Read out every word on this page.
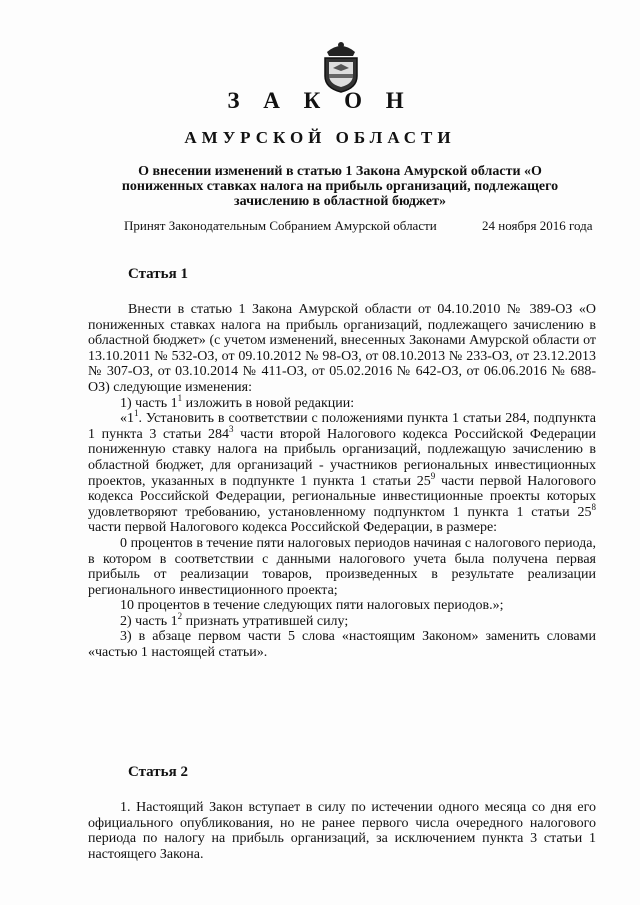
З А К О Н
АМУРСКОЙ ОБЛАСТИ
О внесении изменений в статью 1 Закона Амурской области «О
пониженных ставках налога на прибыль организаций, подлежащего
зачислению в областной бюджет»
Принят Законодательным Собранием Амурской области	24 ноября 2016 года
Статья 1

Внести в статью 1 Закона Амурской области от 04.10.2010 № 389-ОЗ «О пониженных ставках налога на прибыль организаций, подлежащего зачислению в областной бюджет» (с учетом изменений, внесенных Законами Амурской области от 13.10.2011 № 532-ОЗ, от 09.10.2012 № 98-ОЗ, от 08.10.2013 № 233-ОЗ, от 23.12.2013 № 307-ОЗ, от 03.10.2014 № 411-ОЗ, от 05.02.2016 № 642-ОЗ, от 06.06.2016 № 688-ОЗ) следующие изменения:

1) часть $1^1$ изложить в новой редакции:

«$1^1$. Установить в соответствии с положениями пункта 1 статьи 284, подпункта 1 пункта 3 статьи $284^3$ части второй Налогового кодекса Российской Федерации пониженную ставку налога на прибыль организаций, подлежащую зачислению в областной бюджет, для организаций - участников региональных инвестиционных проектов, указанных в подпункте 1 пункта 1 статьи $25^9$ части первой Налогового кодекса Российской Федерации, региональные инвестиционные проекты которых удовлетворяют требованию, установленному подпунктом 1 пункта 1 статьи $25^8$ части первой Налогового кодекса Российской Федерации, в размере:

0 процентов в течение пяти налоговых периодов начиная с налогового периода, в котором в соответствии с данными налогового учета была получена первая прибыль от реализации товаров, произведенных в результате реализации регионального инвестиционного проекта;

10 процентов в течение следующих пяти налоговых периодов.»;

2) часть $1^2$ признать утратившей силу;

3) в абзаце первом части 5 слова «настоящим Законом» заменить словами «частью 1 настоящей статьи».

Статья 2

1. Настоящий Закон вступает в силу по истечении одного месяца со дня его официального опубликования, но не ранее первого числа очередного налогового периода по налогу на прибыль организаций, за исключением пункта 3 статьи 1 настоящего Закона.
